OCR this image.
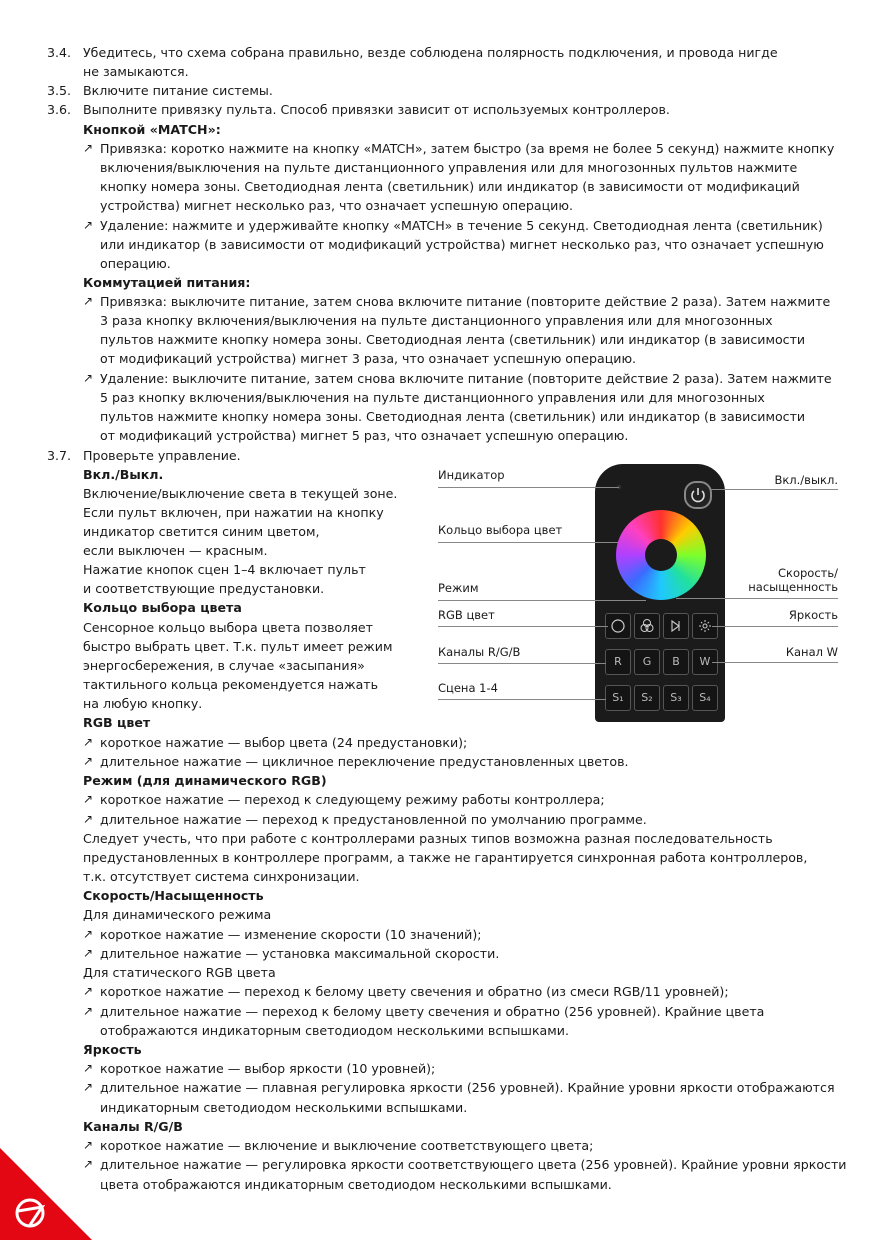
3.4. Убедитесь, что схема собрана правильно, везде соблюдена полярность подключения, и провода нигде
не замыкаются.
3.5. Включите питание системы.
3.6. Выполните привязку пульта. Способ привязки зависит от используемых контроллеров.
Кнопкой «MATCH»:
↗ Привязка: коротко нажмите на кнопку «MATCH», затем быстро (за время не более 5 секунд) нажмите кнопку
включения/выключения на пульте дистанционного управления или для многозонных пультов нажмите
кнопку номера зоны. Светодиодная лента (светильник) или индикатор (в зависимости от модификаций
устройства) мигнет несколько раз, что означает успешную операцию.
↗ Удаление: нажмите и удерживайте кнопку «MATCH» в течение 5 секунд. Светодиодная лента (светильник)
или индикатор (в зависимости от модификаций устройства) мигнет несколько раз, что означает успешную
операцию.
Коммутацией питания:
↗ Привязка: выключите питание, затем снова включите питание (повторите действие 2 раза). Затем нажмите
3 раза кнопку включения/выключения на пульте дистанционного управления или для многозонных
пультов нажмите кнопку номера зоны. Светодиодная лента (светильник) или индикатор (в зависимости
от модификаций устройства) мигнет 3 раза, что означает успешную операцию.
↗ Удаление: выключите питание, затем снова включите питание (повторите действие 2 раза). Затем нажмите
5 раз кнопку включения/выключения на пульте дистанционного управления или для многозонных
пультов нажмите кнопку номера зоны. Светодиодная лента (светильник) или индикатор (в зависимости
от модификаций устройства) мигнет 5 раз, что означает успешную операцию.
3.7. Проверьте управление.
Вкл./Выкл.
Включение/выключение света в текущей зоне.
Если пульт включен, при нажатии на кнопку
индикатор светится синим цветом,
если выключен — красным.
Нажатие кнопок сцен 1–4 включает пульт
и соответствующие предустановки.
Кольцо выбора цвета
Сенсорное кольцо выбора цвета позволяет
быстро выбрать цвет. Т.к. пульт имеет режим
энергосбережения, в случае «засыпания»
тактильного кольца рекомендуется нажать
на любую кнопку.
RGB цвет
↗ короткое нажатие — выбор цвета (24 предустановки);
↗ длительное нажатие — цикличное переключение предустановленных цветов.
Режим (для динамического RGB)
↗ короткое нажатие — переход к следующему режиму работы контроллера;
↗ длительное нажатие — переход к предустановленной по умолчанию программе.
Следует учесть, что при работе с контроллерами разных типов возможна разная последовательность
предустановленных в контроллере программ, а также не гарантируется синхронная работа контроллеров,
т.к. отсутствует система синхронизации.
Скорость/Насыщенность
Для динамического режима
↗ короткое нажатие — изменение скорости (10 значений);
↗ длительное нажатие — установка максимальной скорости.
Для статического RGB цвета
↗ короткое нажатие — переход к белому цвету свечения и обратно (из смеси RGB/11 уровней);
↗ длительное нажатие — переход к белому цвету свечения и обратно (256 уровней). Крайние цвета
отображаются индикаторным светодиодом несколькими вспышками.
Яркость
↗ короткое нажатие — выбор яркости (10 уровней);
↗ длительное нажатие — плавная регулировка яркости (256 уровней). Крайние уровни яркости отображаются
индикаторным светодиодом несколькими вспышками.
Каналы R/G/B
↗ короткое нажатие — включение и выключение соответствующего цвета;
↗ длительное нажатие — регулировка яркости соответствующего цвета (256 уровней). Крайние уровни яркости
цвета отображаются индикаторным светодиодом несколькими вспышками.
R	G	B	W
S₁	S₂	S₃	S₄
Индикатор	Вкл./выкл.
Кольцо выбора цвет
Скорость/
насыщенность
Режим
RGB цвет	Яркость
Каналы R/G/B	Канал W
Сцена 1-4
